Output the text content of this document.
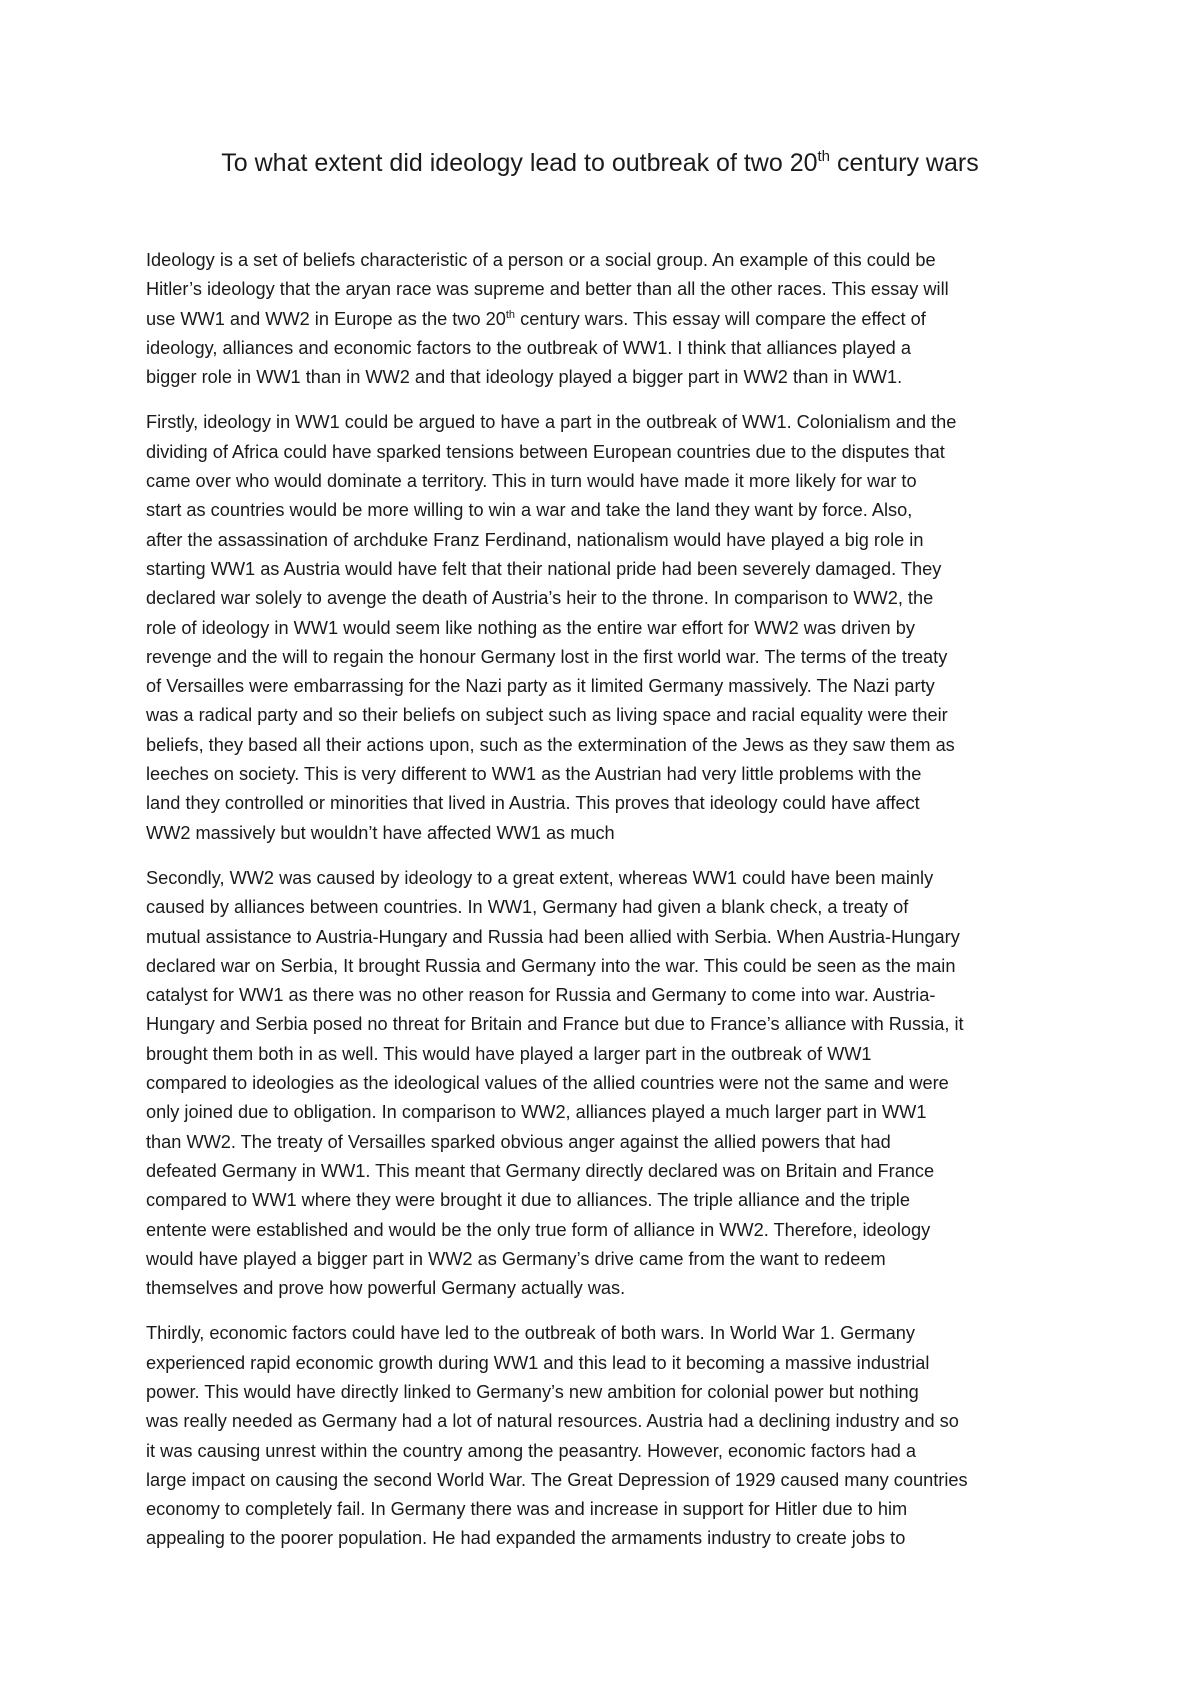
To what extent did ideology lead to outbreak of two 20th century wars

Ideology is a set of beliefs characteristic of a person or a social group. An example of this could be
Hitler’s ideology that the aryan race was supreme and better than all the other races. This essay will
use WW1 and WW2 in Europe as the two 20th century wars. This essay will compare the effect of
ideology, alliances and economic factors to the outbreak of WW1. I think that alliances played a
bigger role in WW1 than in WW2 and that ideology played a bigger part in WW2 than in WW1.

Firstly, ideology in WW1 could be argued to have a part in the outbreak of WW1. Colonialism and the
dividing of Africa could have sparked tensions between European countries due to the disputes that
came over who would dominate a territory. This in turn would have made it more likely for war to
start as countries would be more willing to win a war and take the land they want by force. Also,
after the assassination of archduke Franz Ferdinand, nationalism would have played a big role in
starting WW1 as Austria would have felt that their national pride had been severely damaged. They
declared war solely to avenge the death of Austria’s heir to the throne. In comparison to WW2, the
role of ideology in WW1 would seem like nothing as the entire war effort for WW2 was driven by
revenge and the will to regain the honour Germany lost in the first world war. The terms of the treaty
of Versailles were embarrassing for the Nazi party as it limited Germany massively. The Nazi party
was a radical party and so their beliefs on subject such as living space and racial equality were their
beliefs, they based all their actions upon, such as the extermination of the Jews as they saw them as
leeches on society. This is very different to WW1 as the Austrian had very little problems with the
land they controlled or minorities that lived in Austria. This proves that ideology could have affect
WW2 massively but wouldn’t have affected WW1 as much

Secondly, WW2 was caused by ideology to a great extent, whereas WW1 could have been mainly
caused by alliances between countries. In WW1, Germany had given a blank check, a treaty of
mutual assistance to Austria-Hungary and Russia had been allied with Serbia. When Austria-Hungary
declared war on Serbia, It brought Russia and Germany into the war. This could be seen as the main
catalyst for WW1 as there was no other reason for Russia and Germany to come into war. Austria-
Hungary and Serbia posed no threat for Britain and France but due to France’s alliance with Russia, it
brought them both in as well. This would have played a larger part in the outbreak of WW1
compared to ideologies as the ideological values of the allied countries were not the same and were
only joined due to obligation. In comparison to WW2, alliances played a much larger part in WW1
than WW2. The treaty of Versailles sparked obvious anger against the allied powers that had
defeated Germany in WW1. This meant that Germany directly declared was on Britain and France
compared to WW1 where they were brought it due to alliances. The triple alliance and the triple
entente were established and would be the only true form of alliance in WW2. Therefore, ideology
would have played a bigger part in WW2 as Germany’s drive came from the want to redeem
themselves and prove how powerful Germany actually was.

Thirdly, economic factors could have led to the outbreak of both wars. In World War 1. Germany
experienced rapid economic growth during WW1 and this lead to it becoming a massive industrial
power. This would have directly linked to Germany’s new ambition for colonial power but nothing
was really needed as Germany had a lot of natural resources. Austria had a declining industry and so
it was causing unrest within the country among the peasantry. However, economic factors had a
large impact on causing the second World War. The Great Depression of 1929 caused many countries
economy to completely fail. In Germany there was and increase in support for Hitler due to him
appealing to the poorer population. He had expanded the armaments industry to create jobs to
